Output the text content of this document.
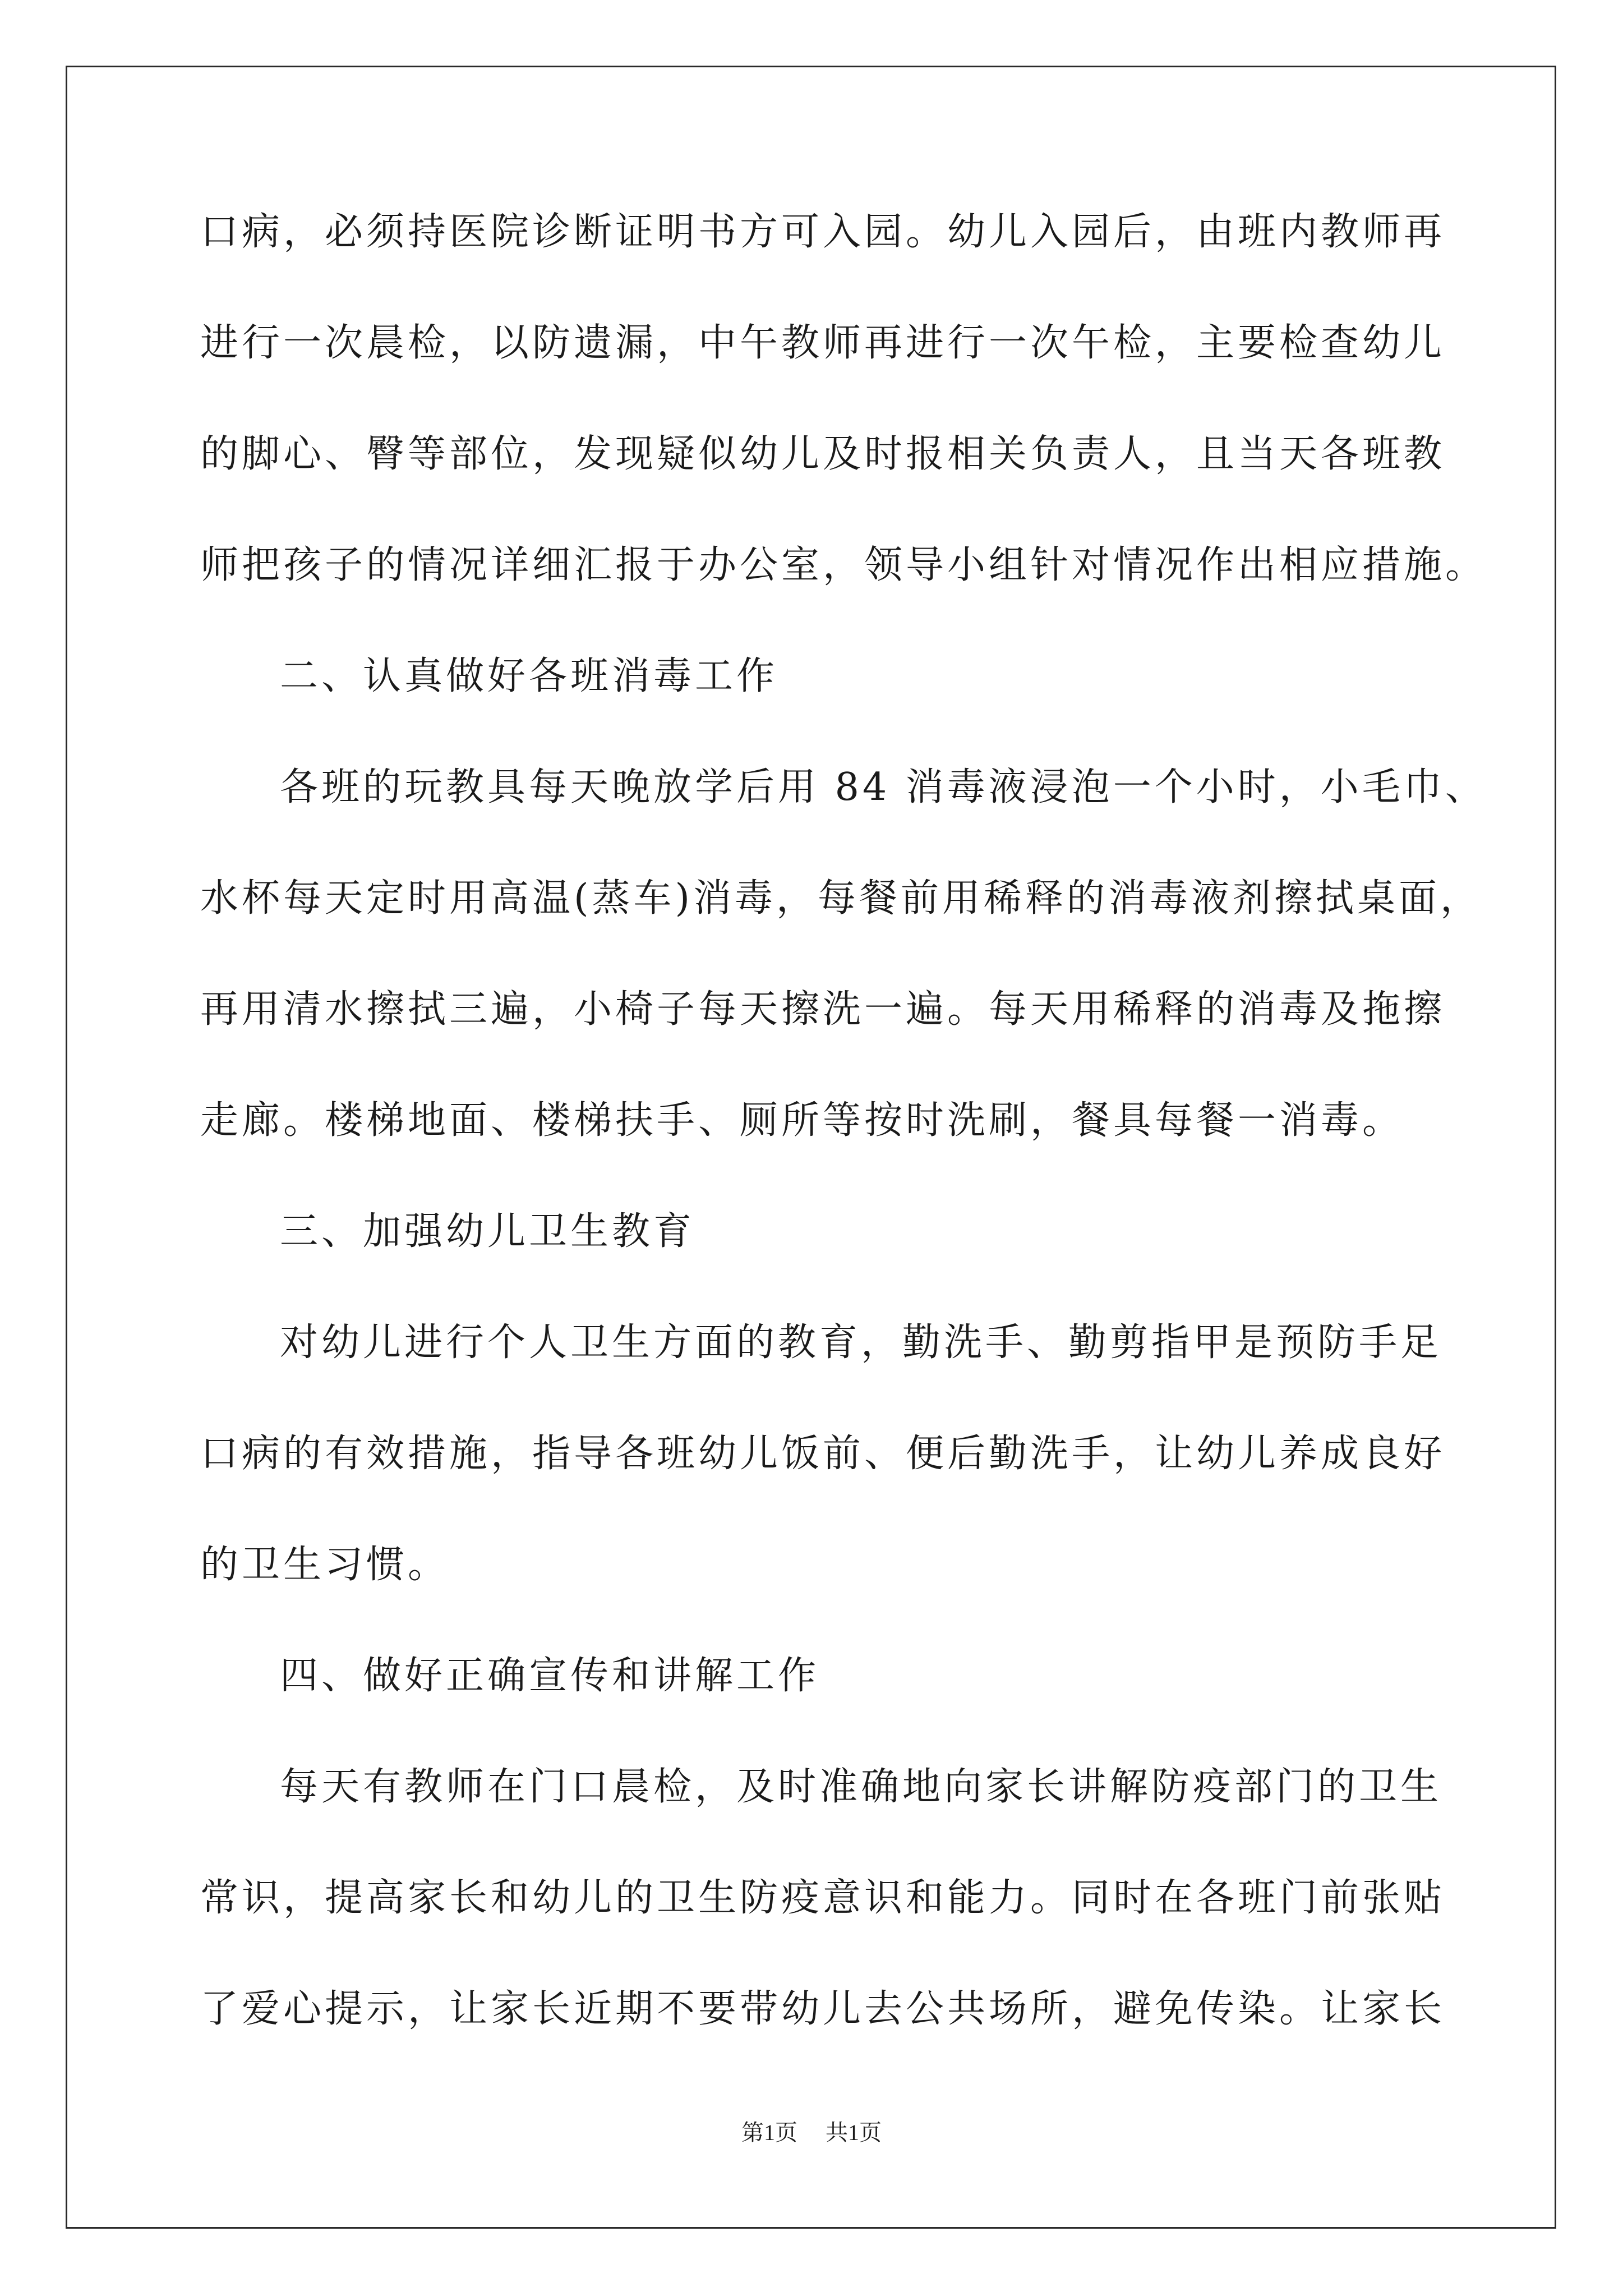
口病，必须持医院诊断证明书方可入园。幼儿入园后，由班内教师再
进行一次晨检，以防遗漏，中午教师再进行一次午检，主要检查幼儿
的脚心、臀等部位，发现疑似幼儿及时报相关负责人，且当天各班教
师把孩子的情况详细汇报于办公室，领导小组针对情况作出相应措施。
二、认真做好各班消毒工作
各班的玩教具每天晚放学后用 84 消毒液浸泡一个小时，小毛巾、
水杯每天定时用高温(蒸车)消毒，每餐前用稀释的消毒液剂擦拭桌面，
再用清水擦拭三遍，小椅子每天擦洗一遍。每天用稀释的消毒及拖擦
走廊。楼梯地面、楼梯扶手、厕所等按时洗刷，餐具每餐一消毒。
三、加强幼儿卫生教育
对幼儿进行个人卫生方面的教育，勤洗手、勤剪指甲是预防手足
口病的有效措施，指导各班幼儿饭前、便后勤洗手，让幼儿养成良好
的卫生习惯。
四、做好正确宣传和讲解工作
每天有教师在门口晨检，及时准确地向家长讲解防疫部门的卫生
常识，提高家长和幼儿的卫生防疫意识和能力。同时在各班门前张贴
了爱心提示，让家长近期不要带幼儿去公共场所，避免传染。让家长
第1页 共1页
